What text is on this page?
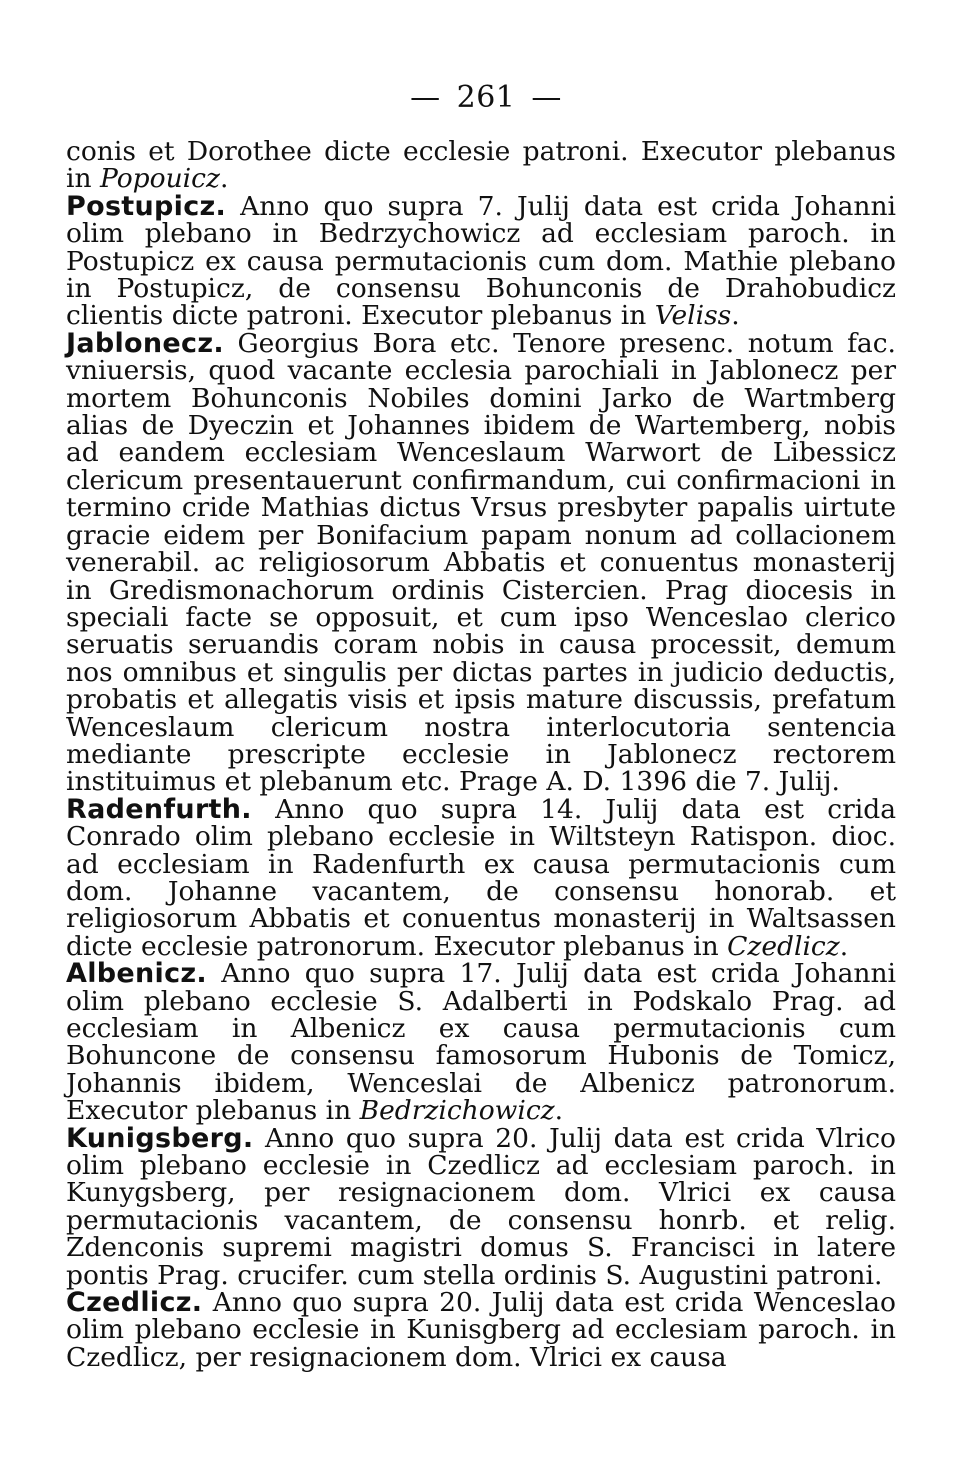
— 261 —
conis et Dorothee dicte ecclesie patroni. Executor plebanus in Popouicz.
Postupicz. Anno quo supra 7. Julij data est crida Johanni olim plebano in Bedrzychowicz ad ecclesiam paroch. in Postupicz ex causa permutacionis cum dom. Mathie plebano in Postupicz, de consensu Bohunconis de Drahobudicz clientis dicte patroni. Executor plebanus in Veliss.
Jablonecz. Georgius Bora etc. Tenore presenc. notum fac. vniuersis, quod vacante ecclesia parochiali in Jablonecz per mortem Bohunconis Nobiles domini Jarko de Wartmberg alias de Dyeczin et Johannes ibidem de Wartemberg, nobis ad eandem ecclesiam Wenceslaum Warwort de Libessicz clericum presentauerunt confirmandum, cui confirmacioni in termino cride Mathias dictus Vrsus presbyter papalis uirtute gracie eidem per Bonifacium papam nonum ad collacionem venerabil. ac religiosorum Abbatis et conuentus monasterij in Gredismonachorum ordinis Cistercien. Prag diocesis in speciali facte se opposuit, et cum ipso Wenceslao clerico seruatis seruandis coram nobis in causa processit, demum nos omnibus et singulis per dictas partes in judicio deductis, probatis et allegatis visis et ipsis mature discussis, prefatum Wenceslaum clericum nostra interlocutoria sentencia mediante prescripte ecclesie in Jablonecz rectorem instituimus et plebanum etc. Prage A. D. 1396 die 7. Julij.
Radenfurth. Anno quo supra 14. Julij data est crida Conrado olim plebano ecclesie in Wiltsteyn Ratispon. dioc. ad ecclesiam in Radenfurth ex causa permutacionis cum dom. Johanne vacantem, de consensu honorab. et religiosorum Abbatis et conuentus monasterij in Waltsassen dicte ecclesie patronorum. Executor plebanus in Czedlicz.
Albenicz. Anno quo supra 17. Julij data est crida Johanni olim plebano ecclesie S. Adalberti in Podskalo Prag. ad ecclesiam in Albenicz ex causa permutacionis cum Bohuncone de consensu famosorum Hubonis de Tomicz, Johannis ibidem, Wenceslai de Albenicz patronorum. Executor plebanus in Bedrzichowicz.
Kunigsberg. Anno quo supra 20. Julij data est crida Vlrico olim plebano ecclesie in Czedlicz ad ecclesiam paroch. in Kunygsberg, per resignacionem dom. Vlrici ex causa permutacionis vacantem, de consensu honrb. et relig. Zdenconis supremi magistri domus S. Francisci in latere pontis Prag. crucifer. cum stella ordinis S. Augustini patroni.
Czedlicz. Anno quo supra 20. Julij data est crida Wenceslao olim plebano ecclesie in Kunisgberg ad ecclesiam paroch. in Czedlicz, per resignacionem dom. Vlrici ex causa
